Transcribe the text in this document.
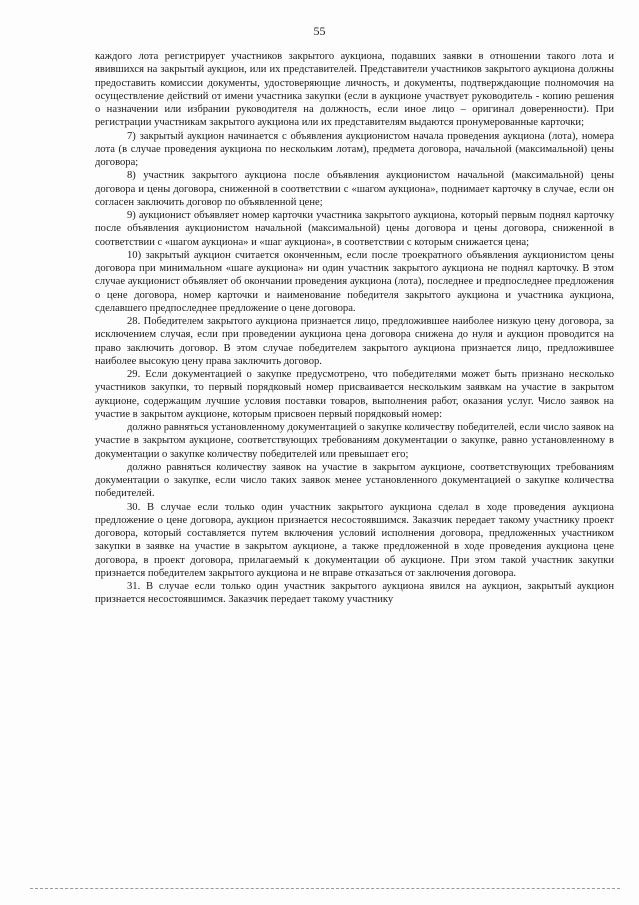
55

каждого лота регистрирует участников закрытого аукциона, подавших заявки в отношении такого лота и явившихся на закрытый аукцион, или их представителей. Представители участников закрытого аукциона должны предоставить комиссии документы, удостоверяющие личность, и документы, подтверждающие полномочия на осуществление действий от имени участника закупки (если в аукционе участвует руководитель - копию решения о назначении или избрании руководителя на должность, если иное лицо – оригинал доверенности). При регистрации участникам закрытого аукциона или их представителям выдаются пронумерованные карточки;

7) закрытый аукцион начинается с объявления аукционистом начала проведения аукциона (лота), номера лота (в случае проведения аукциона по нескольким лотам), предмета договора, начальной (максимальной) цены договора;

8) участник закрытого аукциона после объявления аукционистом начальной (максимальной) цены договора и цены договора, сниженной в соответствии с «шагом аукциона», поднимает карточку в случае, если он согласен заключить договор по объявленной цене;

9) аукционист объявляет номер карточки участника закрытого аукциона, который первым поднял карточку после объявления аукционистом начальной (максимальной) цены договора и цены договора, сниженной в соответствии с «шагом аукциона» и «шаг аукциона», в соответствии с которым снижается цена;

10) закрытый аукцион считается оконченным, если после троекратного объявления аукционистом цены договора при минимальном «шаге аукциона» ни один участник закрытого аукциона не поднял карточку. В этом случае аукционист объявляет об окончании проведения аукциона (лота), последнее и предпоследнее предложения о цене договора, номер карточки и наименование победителя закрытого аукциона и участника аукциона, сделавшего предпоследнее предложение о цене договора.

28. Победителем закрытого аукциона признается лицо, предложившее наиболее низкую цену договора, за исключением случая, если при проведении аукциона цена договора снижена до нуля и аукцион проводится на право заключить договор. В этом случае победителем закрытого аукциона признается лицо, предложившее наиболее высокую цену права заключить договор.

29. Если документацией о закупке предусмотрено, что победителями может быть признано несколько участников закупки, то первый порядковый номер присваивается нескольким заявкам на участие в закрытом аукционе, содержащим лучшие условия поставки товаров, выполнения работ, оказания услуг. Число заявок на участие в закрытом аукционе, которым присвоен первый порядковый номер:

должно равняться установленному документацией о закупке количеству победителей, если число заявок на участие в закрытом аукционе, соответствующих требованиям документации о закупке, равно установленному в документации о закупке количеству победителей или превышает его;

должно равняться количеству заявок на участие в закрытом аукционе, соответствующих требованиям документации о закупке, если число таких заявок менее установленного документацией о закупке количества победителей.

30. В случае если только один участник закрытого аукциона сделал в ходе проведения аукциона предложение о цене договора, аукцион признается несостоявшимся. Заказчик передает такому участнику проект договора, который составляется путем включения условий исполнения договора, предложенных участником закупки в заявке на участие в закрытом аукционе, а также предложенной в ходе проведения аукциона цене договора, в проект договора, прилагаемый к документации об аукционе. При этом такой участник закупки признается победителем закрытого аукциона и не вправе отказаться от заключения договора.

31. В случае если только один участник закрытого аукциона явился на аукцион, закрытый аукцион признается несостоявшимся. Заказчик передает такому участнику
